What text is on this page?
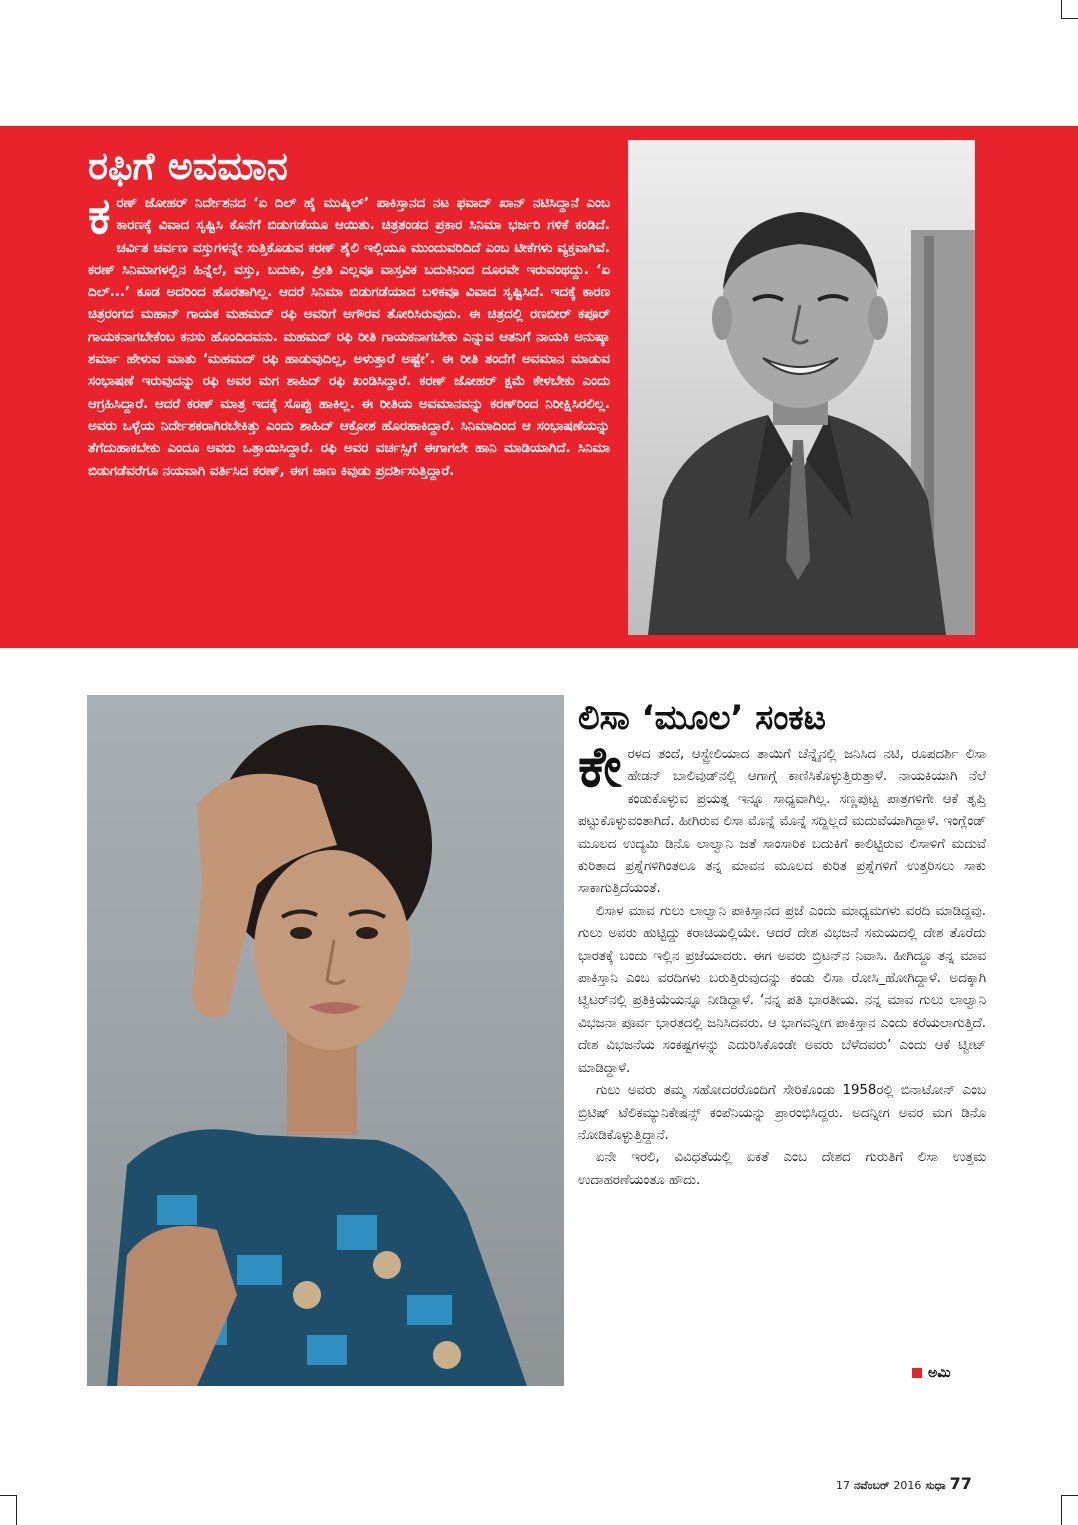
ರಫಿಗೆ ಅವಮಾನ

ಕರಣ್ ಜೋಹರ್ ನಿರ್ದೇಶನದ ‘ಏ ದಿಲ್ ಹೈ ಮುಷ್ಕಿಲ್’ ಪಾಕಿಸ್ತಾನದ ನಟ ಫವಾದ್ ಖಾನ್ ನಟಿಸಿದ್ದಾನೆ ಎಂಬ ಕಾರಣಕ್ಕೆ ವಿವಾದ ಸೃಷ್ಟಿಸಿ ಕೊನೆಗೆ ಬಿಡುಗಡೆಯೂ ಆಯಿತು. ಚಿತ್ರತಂಡದ ಪ್ರಕಾರ ಸಿನಿಮಾ ಭರ್ಜರಿ ಗಳಿಕೆ ಕಂಡಿದೆ. ಚರ್ವಿತ ಚರ್ವಣ ವಸ್ತುಗಳನ್ನೇ ಸುತ್ತಿಕೊಡುವ ಕರಣ್ ಶೈಲಿ ಇಲ್ಲಿಯೂ ಮುಂದುವರಿದಿದೆ ಎಂಬ ಟೀಕೆಗಳು ವ್ಯಕ್ತವಾಗಿವೆ. ಕರಣ್ ಸಿನಿಮಾಗಳಲ್ಲಿನ ಹಿನ್ನೆಲೆ, ವಸ್ತು, ಬದುಕು, ಪ್ರೀತಿ ಎಲ್ಲವೂ ವಾಸ್ತವಿಕ ಬದುಕಿನಿಂದ ದೂರವೇ ಇರುವಂಥದ್ದು. ‘ಏ ದಿಲ್...’ ಕೂಡ ಅದರಿಂದ ಹೊರತಾಗಿಲ್ಲ. ಆದರೆ ಸಿನಿಮಾ ಬಿಡುಗಡೆಯಾದ ಬಳಿಕವೂ ವಿವಾದ ಸೃಷ್ಟಿಸಿದೆ. ಇದಕ್ಕೆ ಕಾರಣ ಚಿತ್ರರಂಗದ ಮಹಾನ್ ಗಾಯಕ ಮಹಮದ್ ರಫಿ ಅವರಿಗೆ ಅಗೌರವ ತೋರಿಸಿರುವುದು. ಈ ಚಿತ್ರದಲ್ಲಿ ರಣಬೀರ್ ಕಪೂರ್ ಗಾಯಕನಾಗಬೇಕೆಂಬ ಕನಸು ಹೊಂದಿದವನು. ಮಹಮದ್ ರಫಿ ರೀತಿ ಗಾಯಕನಾಗಬೇಕು ಎನ್ನುವ ಆತನಿಗೆ ನಾಯಕಿ ಅನುಷ್ಕಾ ಶರ್ಮಾ ಹೇಳುವ ಮಾತು ‘ಮಹಮದ್ ರಫಿ ಹಾಡುವುದಿಲ್ಲ, ಅಳುತ್ತಾರೆ ಅಷ್ಟೇ’. ಈ ರೀತಿ ತಂದೆಗೆ ಅವಮಾನ ಮಾಡುವ ಸಂಭಾಷಣೆ ಇರುವುದನ್ನು ರಫಿ ಅವರ ಮಗ ಶಾಹಿದ್ ರಫಿ ಖಂಡಿಸಿದ್ದಾರೆ. ಕರಣ್ ಜೋಹರ್ ಕ್ಷಮೆ ಕೇಳಬೇಕು ಎಂದು ಆಗ್ರಹಿಸಿದ್ದಾರೆ. ಆದರೆ ಕರಣ್ ಮಾತ್ರ ಇದಕ್ಕೆ ಸೊಪ್ಪು ಹಾಕಿಲ್ಲ. ಈ ರೀತಿಯ ಅವಮಾನವನ್ನು ಕರಣ್‌ರಿಂದ ನಿರೀಕ್ಷಿಸಿರಲಿಲ್ಲ. ಅವರು ಒಳ್ಳೆಯ ನಿರ್ದೇಶಕರಾಗಿರಬೇಕಿತ್ತು ಎಂದು ಶಾಹಿದ್ ಆಕ್ರೋಶ ಹೊರಹಾಕಿದ್ದಾರೆ. ಸಿನಿಮಾದಿಂದ ಆ ಸಂಭಾಷಣೆಯನ್ನು ತೆಗೆದುಹಾಕಬೇಕು ಎಂದೂ ಅವರು ಒತ್ತಾಯಿಸಿದ್ದಾರೆ. ರಫಿ ಅವರ ವರ್ಚಸ್ಸಿಗೆ ಈಗಾಗಲೇ ಹಾನಿ ಮಾಡಿಯಾಗಿದೆ. ಸಿನಿಮಾ ಬಿಡುಗಡೆವರೆಗೂ ನಯವಾಗಿ ವರ್ತಿಸಿದ ಕರಣ್, ಈಗ ಜಾಣ ಕಿವುಡು ಪ್ರದರ್ಶಿಸುತ್ತಿದ್ದಾರೆ.

ಲಿಸಾ ‘ಮೂಲ’ ಸಂಕಟ

ಕೇರಳದ ತಂದೆ, ಆಸ್ಟ್ರೇಲಿಯಾದ ತಾಯಿಗೆ ಚೆನ್ನೈನಲ್ಲಿ ಜನಿಸಿದ ನಟಿ, ರೂಪದರ್ಶಿ ಲಿಸಾ ಹೇಡನ್ ಬಾಲಿವುಡ್‌ನಲ್ಲಿ ಆಗಾಗ್ಗೆ ಕಾಣಿಸಿಕೊಳ್ಳುತ್ತಿರುತ್ತಾಳೆ. ನಾಯಕಿಯಾಗಿ ನೆಲೆ ಕಂಡುಕೊಳ್ಳುವ ಪ್ರಯತ್ನ ಇನ್ನೂ ಸಾಧ್ಯವಾಗಿಲ್ಲ. ಸಣ್ಣಪುಟ್ಟ ಪಾತ್ರಗಳಿಗೇ ಆಕೆ ತೃಪ್ತಿ ಪಟ್ಟುಕೊಳ್ಳುವಂತಾಗಿದೆ. ಹೀಗಿರುವ ಲಿಸಾ ಮೊನ್ನೆ ಮೊನ್ನೆ ಸದ್ದಿಲ್ಲದೆ ಮದುವೆಯಾಗಿದ್ದಾಳೆ. ಇಂಗ್ಲೆಂಡ್ ಮೂಲದ ಉದ್ಯಮಿ ಡಿನೊ ಲಾಲ್ವಾನಿ ಜತೆ ಸಾಂಸಾರಿಕ ಬದುಕಿಗೆ ಕಾಲಿಟ್ಟಿರುವ ಲಿಸಾಳಿಗೆ ಮದುವೆ ಕುರಿತಾದ ಪ್ರಶ್ನೆಗಳಿಗಿಂತಲೂ ತನ್ನ ಮಾವನ ಮೂಲದ ಕುರಿತ ಪ್ರಶ್ನೆಗಳಿಗೆ ಉತ್ತರಿಸಲು ಸಾಕು ಸಾಕಾಗುತ್ತಿದೆಯಂತೆ.

ಲಿಸಾಳ ಮಾವ ಗುಲು ಲಾಲ್ವಾನಿ ಪಾಕಿಸ್ತಾನದ ಪ್ರಜೆ ಎಂದು ಮಾಧ್ಯಮಗಳು ವರದಿ ಮಾಡಿದ್ದವು. ಗುಲು ಅವರು ಹುಟ್ಟಿದ್ದು ಕರಾಚಿಯಲ್ಲಿಯೇ. ಆದರೆ ದೇಶ ವಿಭಜನೆ ಸಮಯದಲ್ಲಿ ದೇಶ ತೊರೆದು ಭಾರತಕ್ಕೆ ಬಂದು ಇಲ್ಲಿನ ಪ್ರಜೆಯಾದರು. ಈಗ ಅವರು ಬ್ರಿಟನ್‌ನ ನಿವಾಸಿ. ಹೀಗಿದ್ದೂ ತನ್ನ ಮಾವ ಪಾಕಿಸ್ತಾನಿ ಎಂಬ ವರದಿಗಳು ಬರುತ್ತಿರುವುದನ್ನು ಕಂಡು ಲಿಸಾ ರೋಸಿ_ಹೋಗಿದ್ದಾಳೆ. ಅದಕ್ಕಾಗಿ ಟ್ವಿಟರ್‌ನಲ್ಲಿ ಪ್ರತಿಕ್ರಿಯೆಯನ್ನೂ ನೀಡಿದ್ದಾಳೆ. ‘ನನ್ನ ಪತಿ ಭಾರತೀಯ. ನನ್ನ ಮಾವ ಗುಲು ಲಾಲ್ವಾನಿ ವಿಭಜನಾ ಪೂರ್ವ ಭಾರತದಲ್ಲಿ ಜನಿಸಿದವರು. ಆ ಭಾಗವನ್ನೀಗ ಪಾಕಿಸ್ತಾನ ಎಂದು ಕರೆಯಲಾಗುತ್ತಿದೆ. ದೇಶ ವಿಭಜನೆಯ ಸಂಕಷ್ಟಗಳನ್ನು ಎದುರಿಸಿಕೊಂಡೇ ಅವರು ಬೆಳೆದವರು’ ಎಂದು ಆಕೆ ಟ್ವೀಟ್ ಮಾಡಿದ್ದಾಳೆ.

ಗುಲು ಅವರು ತಮ್ಮ ಸಹೋದರರೊಂದಿಗೆ ಸೇರಿಕೊಂಡು 1958ರಲ್ಲಿ ಬಿನಾಟೋನ್ ಎಂಬ ಬ್ರಿಟಿಷ್ ಟೆಲಿಕಮ್ಯುನಿಕೇಷನ್ಸ್ ಕಂಪೆನಿಯನ್ನು ಪ್ರಾರಂಭಿಸಿದ್ದರು. ಅದನ್ನೀಗ ಅವರ ಮಗ ಡಿನೊ ನೋಡಿಕೊಳ್ಳುತ್ತಿದ್ದಾನೆ.

ಏನೇ ಇರಲಿ, ವಿವಿಧತೆಯಲ್ಲಿ ಏಕತೆ ಎಂಬ ದೇಶದ ಗುರುತಿಗೆ ಲಿಸಾ ಉತ್ತಮ ಉದಾಹರಣೆಯಂತೂ ಹೌದು.

ಅಮಿ
17 ನವೆಂಬರ್ 2016 ಸುಧಾ 77
